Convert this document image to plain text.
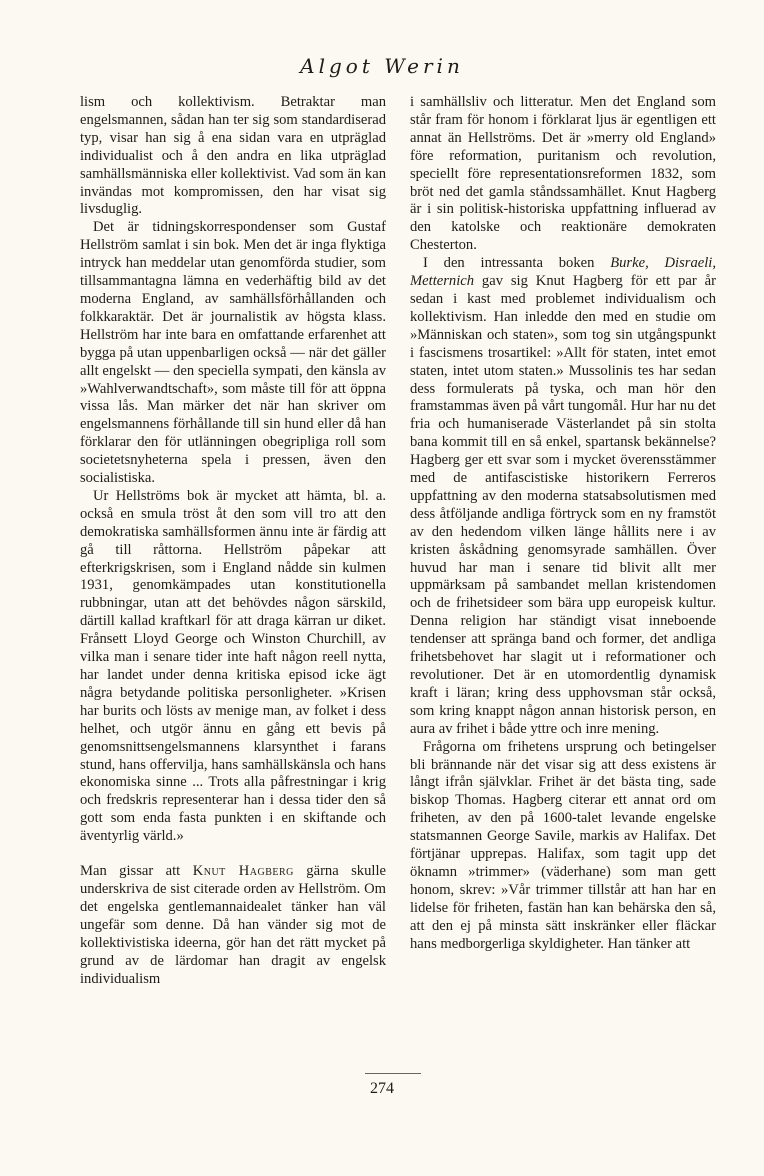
Algot Werin

lism och kollektivism. Betraktar man engelsmannen, sådan han ter sig som standardiserad typ, visar han sig å ena sidan vara en utpräglad individualist och å den andra en lika utpräglad samhällsmänniska eller kollektivist. Vad som än kan invändas mot kompromissen, den har visat sig livsduglig.

Det är tidningskorrespondenser som Gustaf Hellström samlat i sin bok. Men det är inga flyktiga intryck han meddelar utan genomförda studier, som tillsammantagna lämna en vederhäftig bild av det moderna England, av samhällsförhållanden och folkkaraktär. Det är journalistik av högsta klass. Hellström har inte bara en omfattande erfarenhet att bygga på utan uppenbarligen också — när det gäller allt engelskt — den speciella sympati, den känsla av »Wahlverwandtschaft», som måste till för att öppna vissa lås. Man märker det när han skriver om engelsmannens förhållande till sin hund eller då han förklarar den för utlänningen obegripliga roll som societetsnyheterna spela i pressen, även den socialistiska.

Ur Hellströms bok är mycket att hämta, bl. a. också en smula tröst åt den som vill tro att den demokratiska samhällsformen ännu inte är färdig att gå till råttorna. Hellström påpekar att efterkrigskrisen, som i England nådde sin kulmen 1931, genomkämpades utan konstitutionella rubbningar, utan att det behövdes någon särskild, därtill kallad kraftkarl för att draga kärran ur diket. Frånsett Lloyd George och Winston Churchill, av vilka man i senare tider inte haft någon reell nytta, har landet under denna kritiska episod icke ägt några betydande politiska personligheter. »Krisen har burits och lösts av menige man, av folket i dess helhet, och utgör ännu en gång ett bevis på genomsnittsengelsmannens klarsynthet i farans stund, hans offervilja, hans samhällskänsla och hans ekonomiska sinne ... Trots alla påfrestningar i krig och fredskris representerar han i dessa tider den så gott som enda fasta punkten i en skiftande och äventyrlig värld.»

Man gissar att Knut Hagberg gärna skulle underskriva de sist citerade orden av Hellström. Om det engelska gentlemannaidealet tänker han väl ungefär som denne. Då han vänder sig mot de kollektivistiska ideerna, gör han det rätt mycket på grund av de lärdomar han dragit av engelsk individualism

i samhällsliv och litteratur. Men det England som står fram för honom i förklarat ljus är egentligen ett annat än Hellströms. Det är »merry old England» före reformation, puritanism och revolution, speciellt före representationsreformen 1832, som bröt ned det gamla ståndssamhället. Knut Hagberg är i sin politisk-historiska uppfattning influerad av den katolske och reaktionäre demokraten Chesterton.

I den intressanta boken Burke, Disraeli, Metternich gav sig Knut Hagberg för ett par år sedan i kast med problemet individualism och kollektivism. Han inledde den med en studie om »Människan och staten», som tog sin utgångspunkt i fascismens trosartikel: »Allt för staten, intet emot staten, intet utom staten.» Mussolinis tes har sedan dess formulerats på tyska, och man hör den framstammas även på vårt tungomål. Hur har nu det fria och humaniserade Västerlandet på sin stolta bana kommit till en så enkel, spartansk bekännelse? Hagberg ger ett svar som i mycket överensstämmer med de antifascistiske historikern Ferreros uppfattning av den moderna statsabsolutismen med dess åtföljande andliga förtryck som en ny framstöt av den hedendom vilken länge hållits nere i av kristen åskådning genomsyrade samhällen. Över huvud har man i senare tid blivit allt mer uppmärksam på sambandet mellan kristendomen och de frihetsideer som bära upp europeisk kultur. Denna religion har ständigt visat inneboende tendenser att spränga band och former, det andliga frihetsbehovet har slagit ut i reformationer och revolutioner. Det är en utomordentlig dynamisk kraft i läran; kring dess upphovsman står också, som kring knappt någon annan historisk person, en aura av frihet i både yttre och inre mening.

Frågorna om frihetens ursprung och betingelser bli brännande när det visar sig att dess existens är långt ifrån självklar. Frihet är det bästa ting, sade biskop Thomas. Hagberg citerar ett annat ord om friheten, av den på 1600-talet levande engelske statsmannen George Savile, markis av Halifax. Det förtjänar upprepas. Halifax, som tagit upp det öknamn »trimmer» (väderhane) som man gett honom, skrev: »Vår trimmer tillstår att han har en lidelse för friheten, fastän han kan behärska den så, att den ej på minsta sätt inskränker eller fläckar hans medborgerliga skyldigheter. Han tänker att

274
